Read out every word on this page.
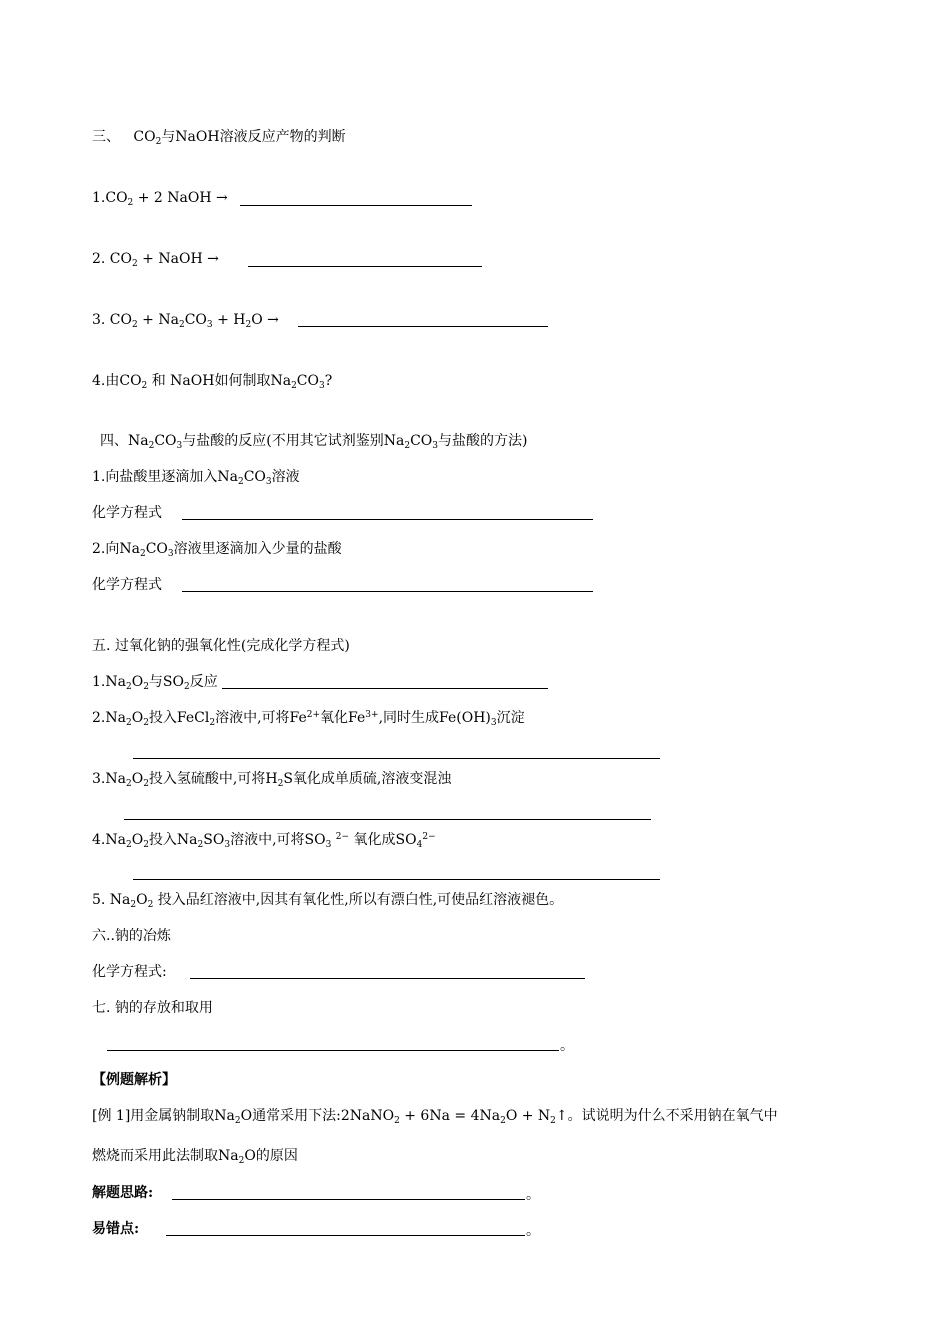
三、 $CO_2$与NaOH溶液反应产物的判断
$1.CO_2 + 2$ NaOH →
2. $CO_2$ + NaOH →
3. $CO_2 + Na_2CO_3 + H_2O$ →
4.由$CO_2$ 和 NaOH如何制取$Na_2CO_3$?
四、$Na_2CO_3$与盐酸的反应(不用其它试剂鉴别$Na_2CO_3$与盐酸的方法)
1.向盐酸里逐滴加入$Na_2CO_3$溶液
化学方程式
2.向$Na_2CO_3$溶液里逐滴加入少量的盐酸
化学方程式
五. 过氧化钠的强氧化性(完成化学方程式)
$1.Na_2O_2$与$SO_2$反应
$2.Na_2O_2$投入FeCl$_2$溶液中,可将$Fe^{2+}$氧化$Fe^{3+}$,同时生成$Fe(OH)_3$沉淀
$3.Na_2O_2$投入氢硫酸中,可将$H_2S$氧化成单质硫,溶液变混浊
$4.Na_2O_2$投入$Na_2SO_3$溶液中,可将$SO_3$ $^{2-}$ 氧化成$SO_4^{2-}$
5. $Na_2O_2$ 投入品红溶液中,因其有氧化性,所以有漂白性,可使品红溶液褪色。
六..钠的冶炼
化学方程式:
七. 钠的存放和取用
。
【例题解析】
[例 1]用金属钠制取$Na_2O$通常采用下法:2NaNO$_2$ + $6Na = 4Na_2O$ + $N_2↑$。试说明为什么不采用钠在氧气中
燃烧而采用此法制取$Na_2O$的原因
解题思路:	。
易错点:	。
